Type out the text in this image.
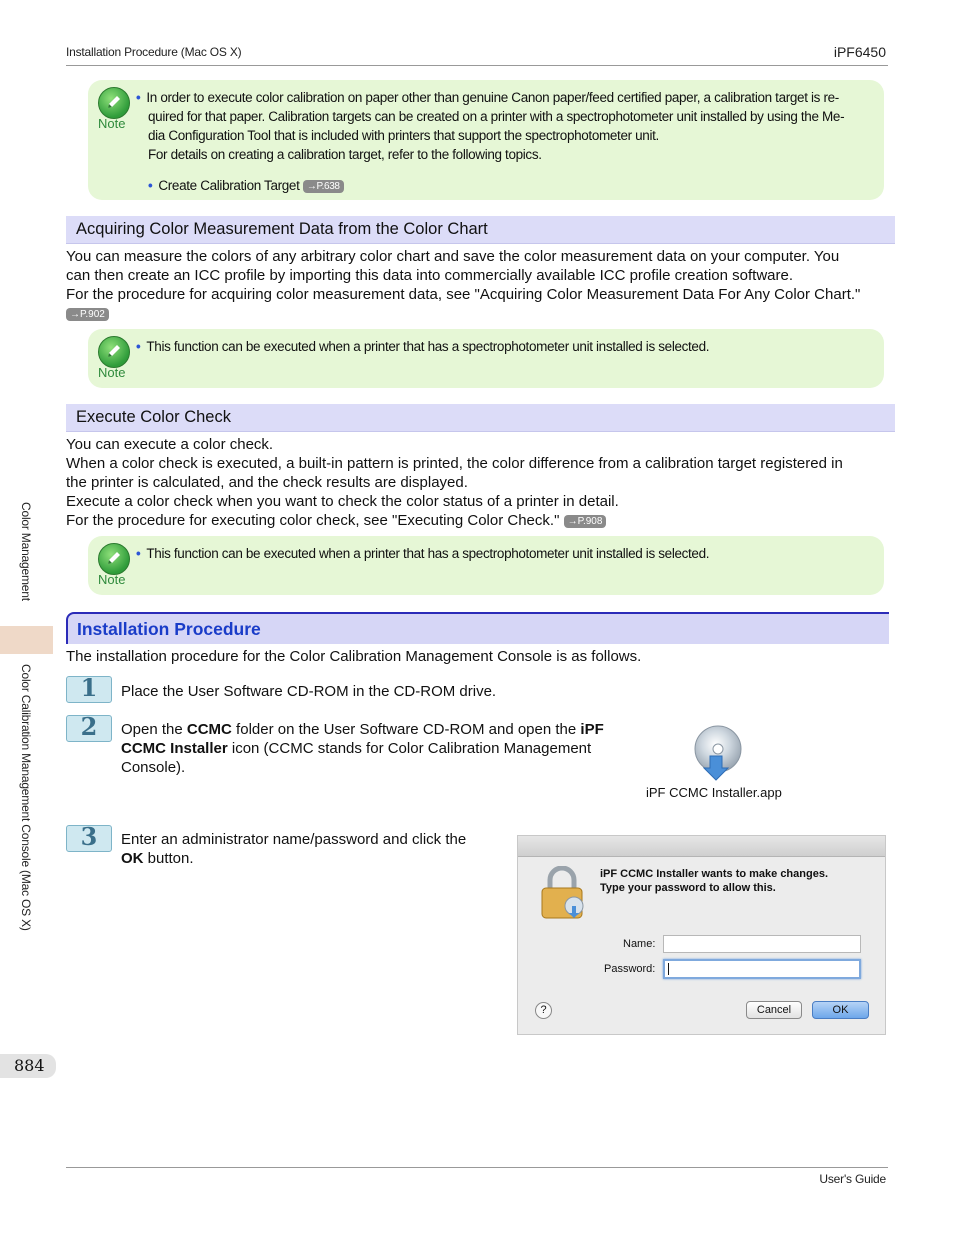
Installation Procedure (Mac OS X)	iPF6450
User's Guide
Color Management
Color Calibration Management Console (Mac OS X)
884
Note
• In order to execute color calibration on paper other than genuine Canon paper/feed certified paper, a calibration target is re-
quired for that paper. Calibration targets can be created on a printer with a spectrophotometer unit installed by using the Me-
dia Configuration Tool that is included with printers that support the spectrophotometer unit.
For details on creating a calibration target, refer to the following topics.
• Create Calibration Target →P.638
Acquiring Color Measurement Data from the Color Chart
You can measure the colors of any arbitrary color chart and save the color measurement data on your computer. You
can then create an ICC profile by importing this data into commercially available ICC profile creation software.
For the procedure for acquiring color measurement data, see "Acquiring Color Measurement Data For Any Color Chart."
→P.902
Note
• This function can be executed when a printer that has a spectrophotometer unit installed is selected.
Execute Color Check
You can execute a color check.
When a color check is executed, a built-in pattern is printed, the color difference from a calibration target registered in
the printer is calculated, and the check results are displayed.
Execute a color check when you want to check the color status of a printer in detail.
For the procedure for executing color check, see "Executing Color Check." →P.908
Note
• This function can be executed when a printer that has a spectrophotometer unit installed is selected.
Installation Procedure
The installation procedure for the Color Calibration Management Console is as follows.
1	Place the User Software CD-ROM in the CD-ROM drive.
2	Open the CCMC folder on the User Software CD-ROM and open the iPF
CCMC Installer icon (CCMC stands for Color Calibration Management
Console).
iPF CCMC Installer.app
3	Enter an administrator name/password and click the
OK button.
iPF CCMC Installer wants to make changes.
Type your password to allow this.
Name:
Password:
?	Cancel	OK
